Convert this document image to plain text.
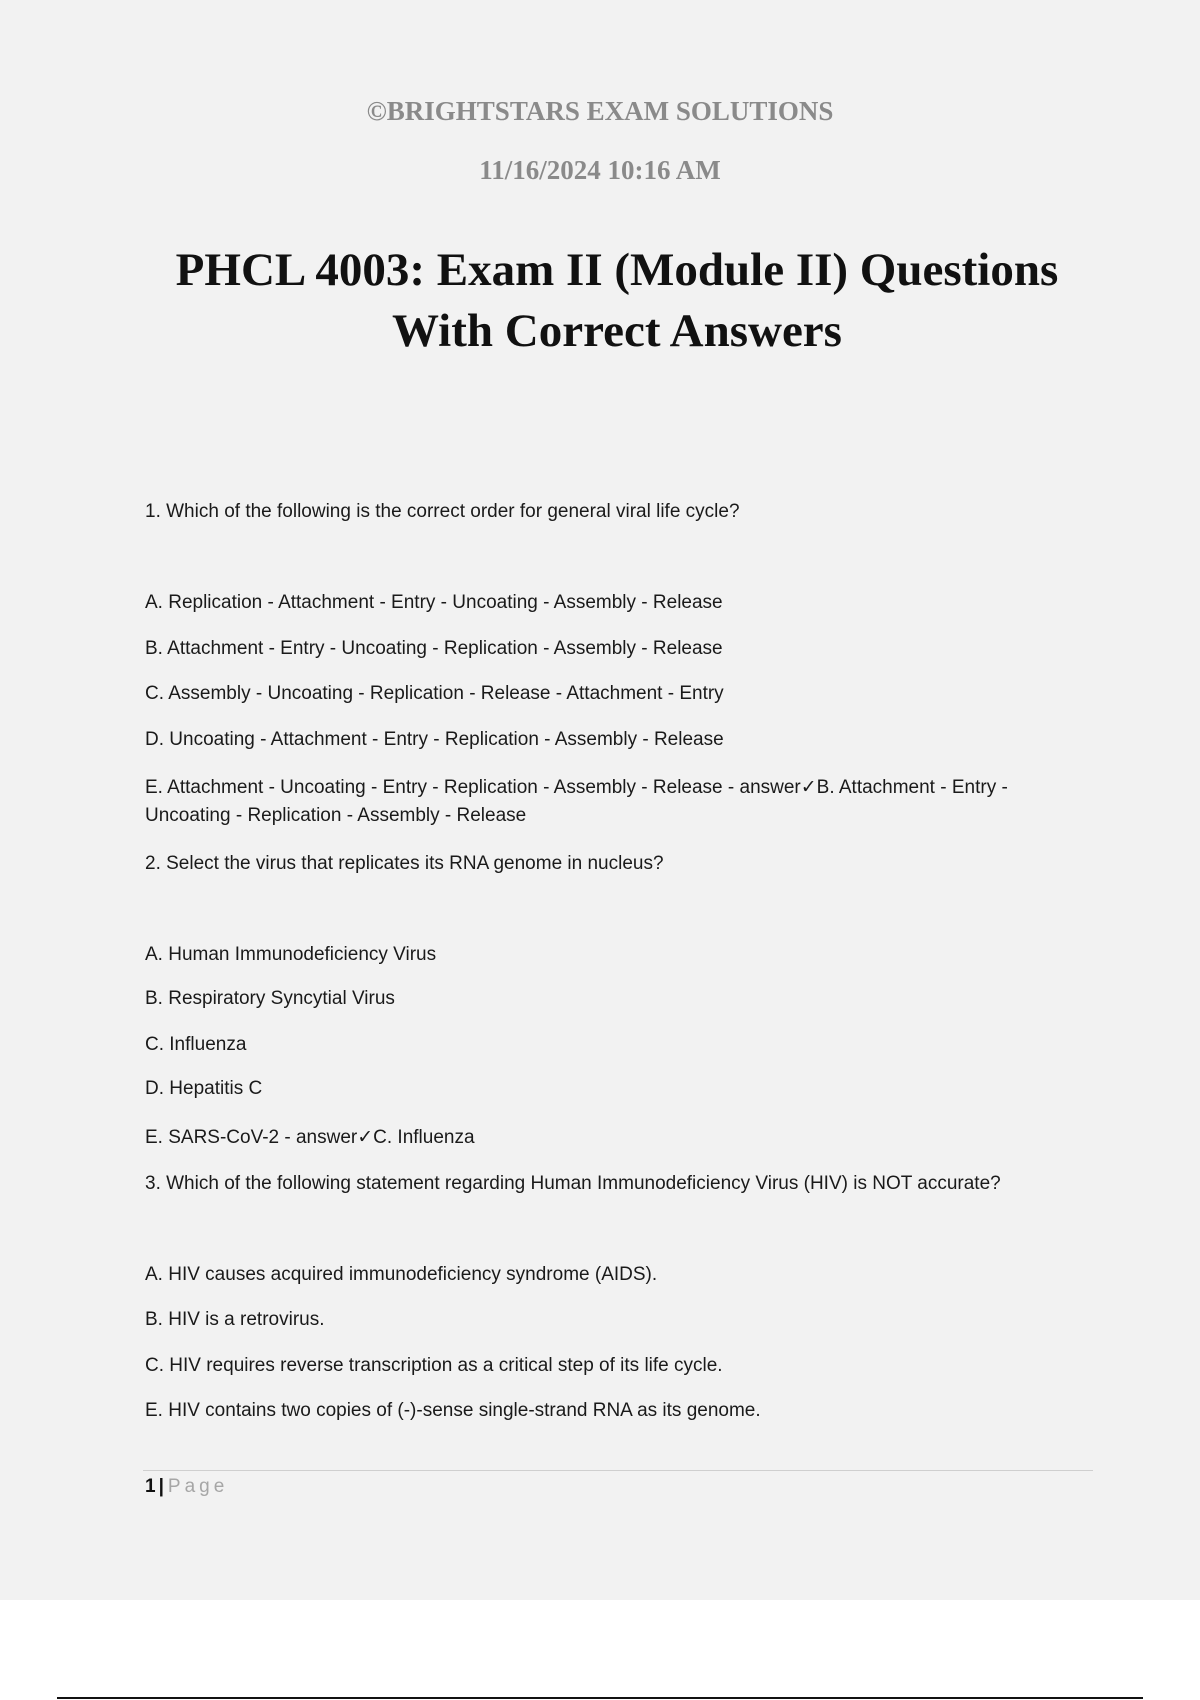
©BRIGHTSTARS EXAM SOLUTIONS
11/16/2024 10:16 AM
PHCL 4003: Exam II (Module II) Questions
With Correct Answers
1. Which of the following is the correct order for general viral life cycle?
A. Replication - Attachment - Entry - Uncoating - Assembly - Release
B. Attachment - Entry - Uncoating - Replication - Assembly - Release
C. Assembly - Uncoating - Replication - Release - Attachment - Entry
D. Uncoating - Attachment - Entry - Replication - Assembly - Release
E. Attachment - Uncoating - Entry - Replication - Assembly - Release - answer✓B. Attachment - Entry - Uncoating - Replication - Assembly - Release
2. Select the virus that replicates its RNA genome in nucleus?
A. Human Immunodeficiency Virus
B. Respiratory Syncytial Virus
C. Influenza
D. Hepatitis C
E. SARS-CoV-2 - answer✓C. Influenza
3. Which of the following statement regarding Human Immunodeficiency Virus (HIV) is NOT accurate?
A. HIV causes acquired immunodeficiency syndrome (AIDS).
B. HIV is a retrovirus.
C. HIV requires reverse transcription as a critical step of its life cycle.
E. HIV contains two copies of (-)-sense single-strand RNA as its genome.
1 | Page
